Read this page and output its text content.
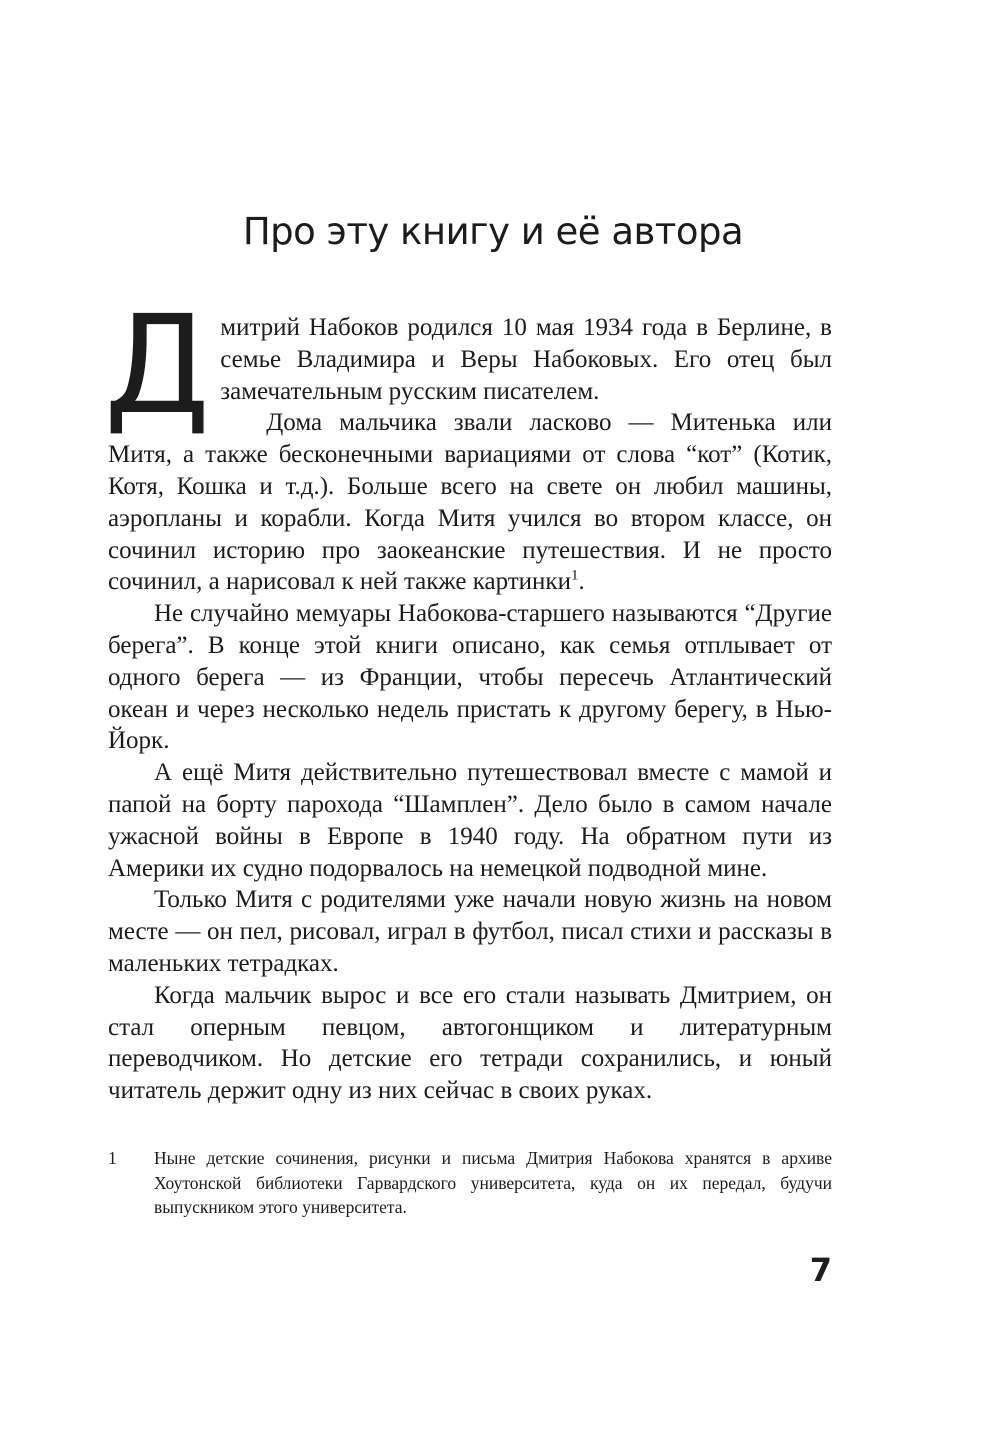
Про эту книгу и её автора

Дмитрий Набоков родился 10 мая 1934 года в Берлине, в семье Владимира и Веры Набоковых. Его отец был замечательным русским писателем.

Дома мальчика звали ласково — Митенька или Митя, а также бесконечными вариациями от слова “кот” (Котик, Котя, Кошка и т.д.). Больше всего на свете он любил машины, аэропланы и корабли. Когда Митя учился во втором классе, он сочинил историю про заокеанские путешествия. И не просто сочинил, а нарисовал к ней также картинки$^1$.

Не случайно мемуары Набокова-старшего называются “Другие берега”. В конце этой книги описано, как семья отплывает от одного берега — из Франции, чтобы пересечь Атлантический океан и через несколько недель пристать к другому берегу, в Нью-Йорк.

А ещё Митя действительно путешествовал вместе с мамой и папой на борту парохода “Шамплен”. Дело было в самом начале ужасной войны в Европе в 1940 году. На обратном пути из Америки их судно подорвалось на немецкой подводной мине.

Только Митя с родителями уже начали новую жизнь на новом месте — он пел, рисовал, играл в футбол, писал стихи и рассказы в маленьких тетрадках.

Когда мальчик вырос и все его стали называть Дмитрием, он стал оперным певцом, автогонщиком и литературным переводчиком. Но детские его тетради сохранились, и юный читатель держит одну из них сейчас в своих руках.

1 Ныне детские сочинения, рисунки и письма Дмитрия Набокова хранятся в архиве Хоутонской библиотеки Гарвардского университета, куда он их передал, будучи выпускником этого университета.
7
